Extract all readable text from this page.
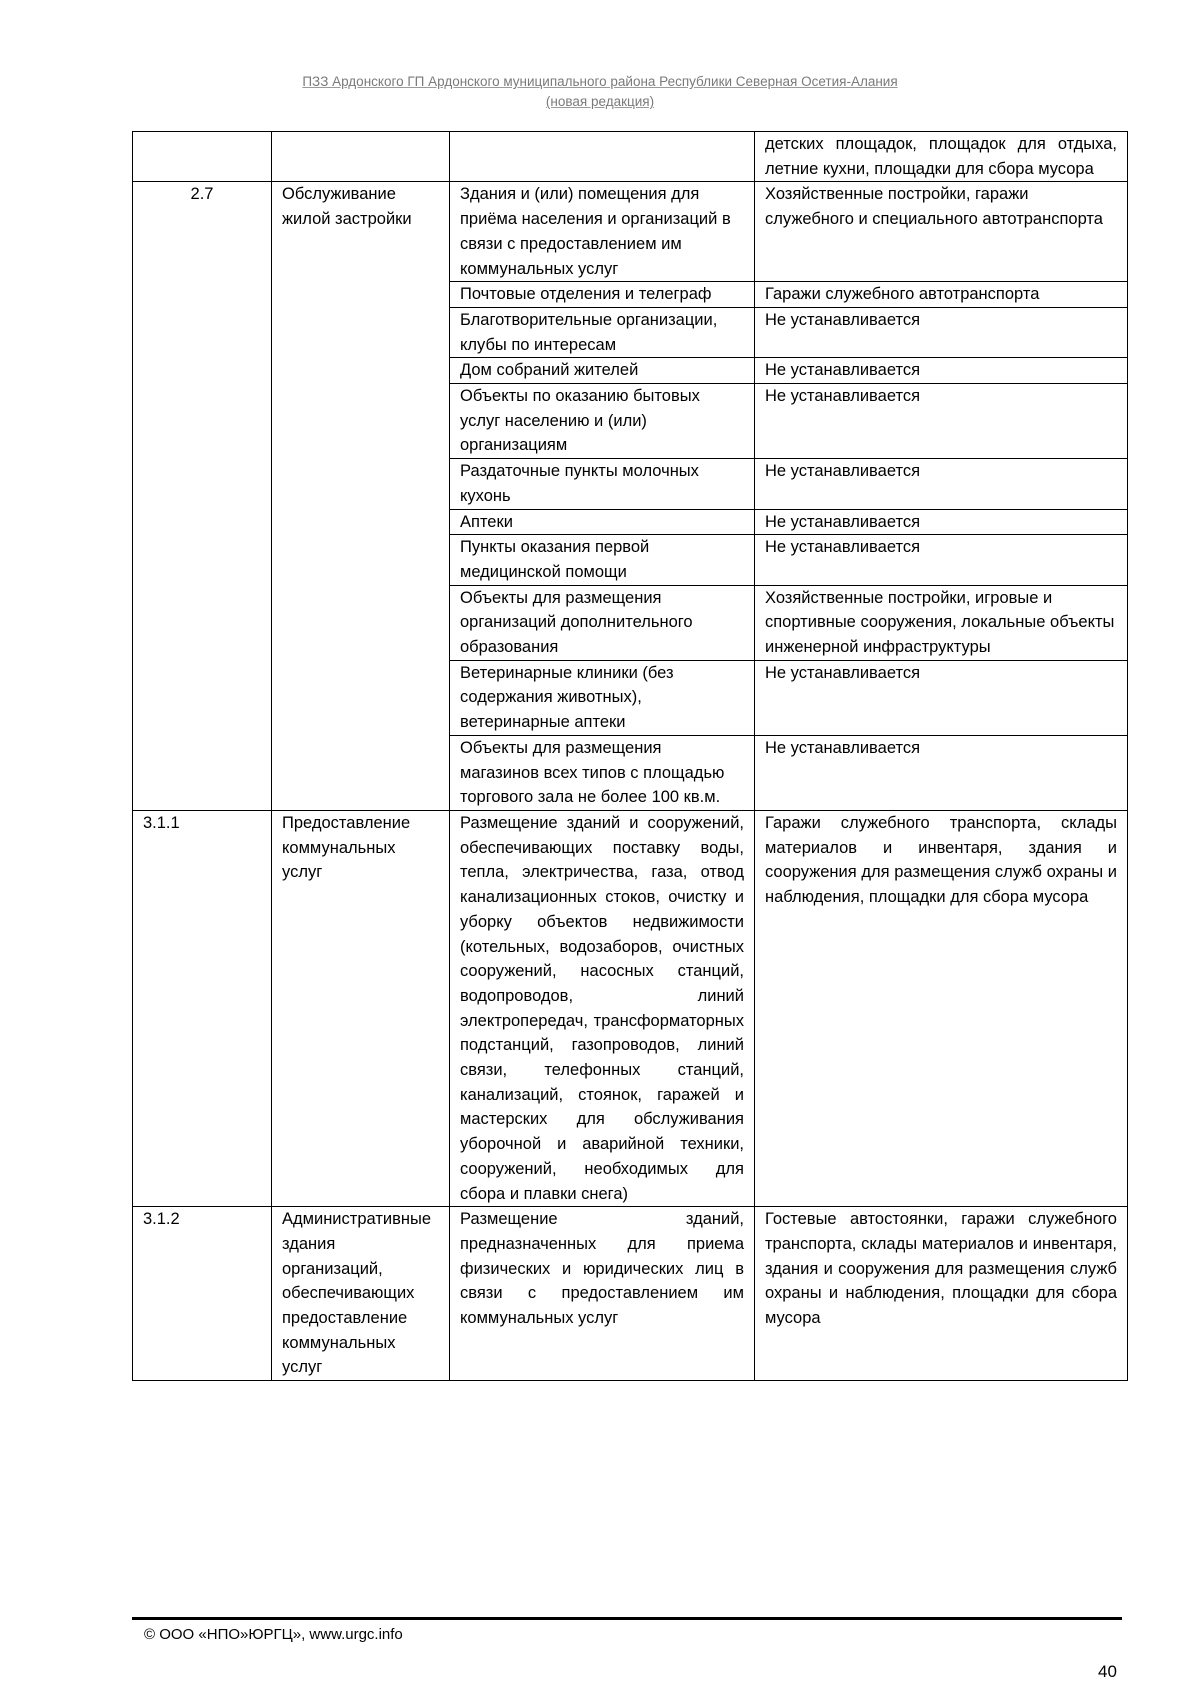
ПЗЗ Ардонского ГП Ардонского муниципального района Республики Северная Осетия-Алания
(новая редакция)
			детских площадок, площадок для отдыха, летние кухни, площадки для сбора мусора
2.7	Обслуживание жилой застройки	Здания и (или) помещения для приёма населения и организаций в связи с предоставлением им коммунальных услуг	Хозяйственные постройки, гаражи служебного и специального автотранспорта
		Почтовые отделения и телеграф	Гаражи служебного автотранспорта
		Благотворительные организации, клубы по интересам	Не устанавливается
		Дом собраний жителей	Не устанавливается
		Объекты по оказанию бытовых услуг населению и (или) организациям	Не устанавливается
		Раздаточные пункты молочных кухонь	Не устанавливается
		Аптеки	Не устанавливается
		Пункты оказания первой медицинской помощи	Не устанавливается
		Объекты для размещения организаций дополнительного образования	Хозяйственные постройки, игровые и спортивные сооружения, локальные объекты инженерной инфраструктуры
		Ветеринарные клиники (без содержания животных), ветеринарные аптеки	Не устанавливается
		Объекты для размещения магазинов всех типов с площадью торгового зала не более 100 кв.м.	Не устанавливается
3.1.1	Предоставление коммунальных услуг	Размещение зданий и сооружений, обеспечивающих поставку воды, тепла, электричества, газа, отвод канализационных стоков, очистку и уборку объектов недвижимости (котельных, водозаборов, очистных сооружений, насосных станций, водопроводов, линий электропередач, трансформаторных подстанций, газопроводов, линий связи, телефонных станций, канализаций, стоянок, гаражей и мастерских для обслуживания уборочной и аварийной техники, сооружений, необходимых для сбора и плавки снега)	Гаражи служебного транспорта, склады материалов и инвентаря, здания и сооружения для размещения служб охраны и наблюдения, площадки для сбора мусора
3.1.2	Административные здания организаций, обеспечивающих предоставление коммунальных услуг	Размещение зданий, предназначенных для приема физических и юридических лиц в связи с предоставлением им коммунальных услуг	Гостевые автостоянки, гаражи служебного транспорта, склады материалов и инвентаря, здания и сооружения для размещения служб охраны и наблюдения, площадки для сбора мусора
© ООО «НПО»ЮРГЦ», www.urgc.info
40
